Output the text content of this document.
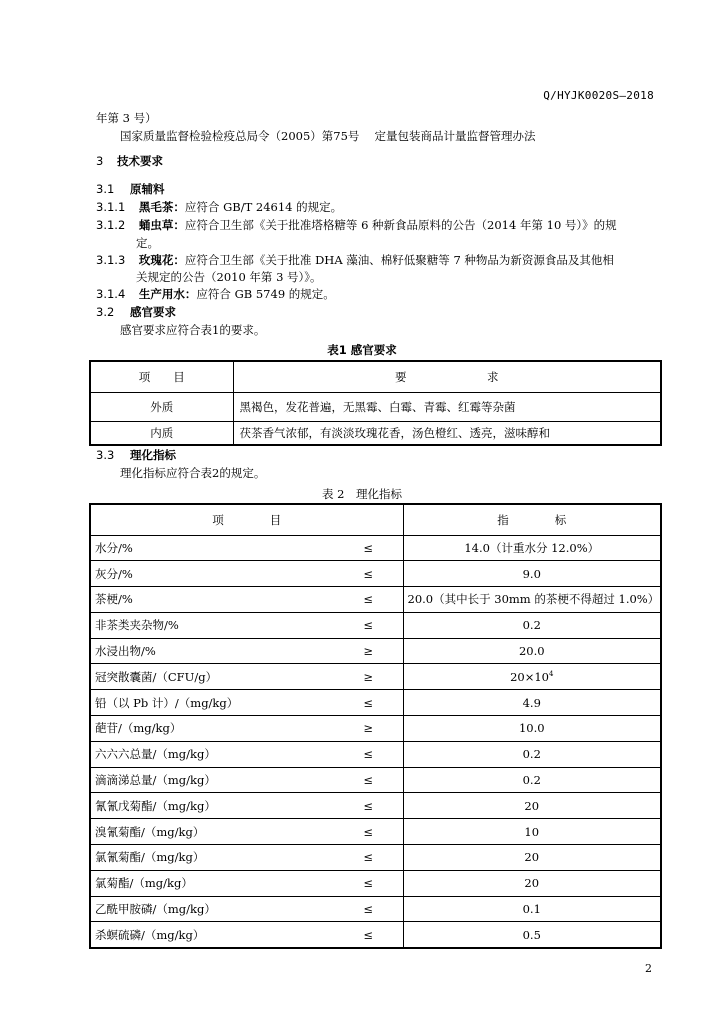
Q/HYJK0020S—2018
年第 3 号）
国家质量监督检验检疫总局令（2005）第75号　 定量包装商品计量监督管理办法
3 技术要求
3.1 原辅料
3.1.1 黑毛茶：应符合 GB/T 24614 的规定。
3.1.2 蛹虫草：应符合卫生部《关于批准塔格糖等 6 种新食品原料的公告（2014 年第 10 号）》的规
定。
3.1.3 玫瑰花：应符合卫生部《关于批准 DHA 藻油、棉籽低聚糖等 7 种物品为新资源食品及其他相
关规定的公告（2010 年第 3 号）》。
3.1.4 生产用水：应符合 GB 5749 的规定。
3.2 感官要求
感官要求应符合表1的要求。
表1 感官要求
项　　目	要　　　　　　　求
外质	黑褐色，发花普遍，无黑霉、白霉、青霉、红霉等杂菌
内质	茯茶香气浓郁，有淡淡玫瑰花香，汤色橙红、透亮，滋味醇和
3.3 理化指标
理化指标应符合表2的规定。
表 2　理化指标
项　　　　目		指　　　　标
水分/%	≤	14.0（计重水分 12.0%）
灰分/%	≤	9.0
茶梗/%	≤	20.0（其中长于 30mm 的茶梗不得超过 1.0%）
非茶类夹杂物/%	≤	0.2
水浸出物/%	≥	20.0
冠突散囊菌/（CFU/g）	≥	$20\times 10^4$
铅（以 Pb 计）/（mg/kg）	≤	4.9
葩苷/（mg/kg）	≥	10.0
六六六总量/（mg/kg）	≤	0.2
滴滴涕总量/（mg/kg）	≤	0.2
氰氰戊菊酯/（mg/kg）	≤	20
溴氰菊酯/（mg/kg）	≤	10
氯氰菊酯/（mg/kg）	≤	20
氯菊酯/（mg/kg）	≤	20
乙酰甲胺磷/（mg/kg）	≤	0.1
杀螟硫磷/（mg/kg）	≤	0.5
2
